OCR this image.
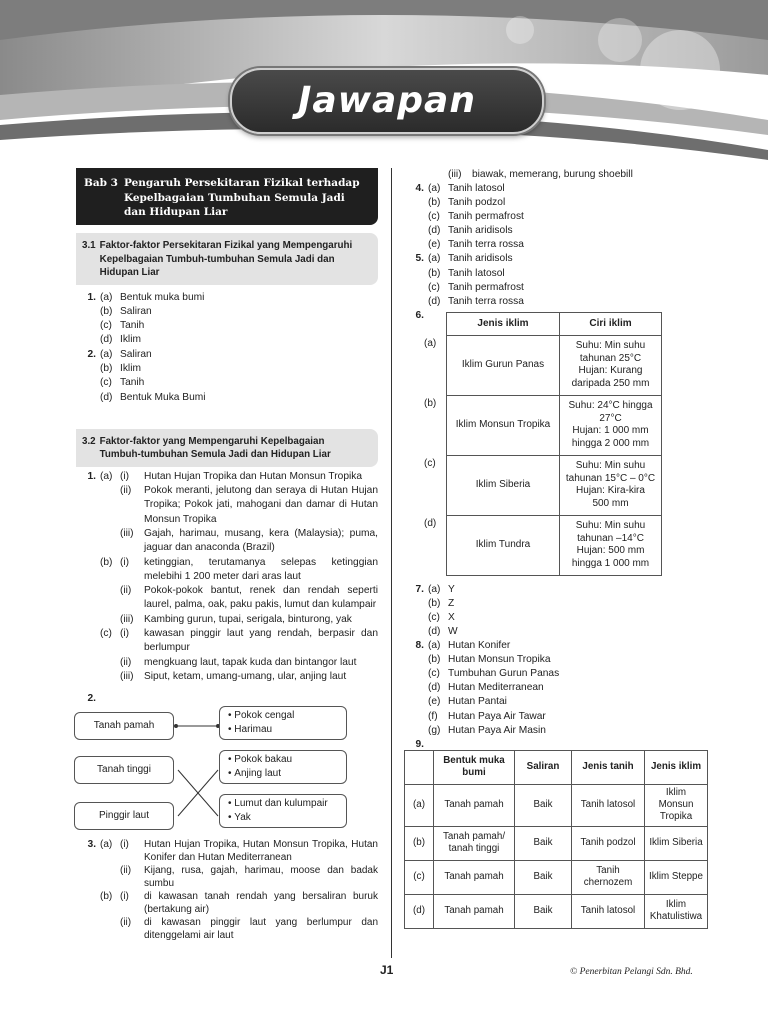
Jawapan
Bab 3 Pengaruh Persekitaran Fizikal terhadap Kepelbagaian Tumbuhan Semula Jadi dan Hidupan Liar
3.1 Faktor-faktor Persekitaran Fizikal yang Mempengaruhi Kepelbagaian Tumbuh-tumbuhan Semula Jadi dan Hidupan Liar
1. (a) Bentuk muka bumi
(b) Saliran
(c) Tanih
(d) Iklim
2. (a) Saliran
(b) Iklim
(c) Tanih
(d) Bentuk Muka Bumi
3.2 Faktor-faktor yang Mempengaruhi Kepelbagaian Tumbuh-tumbuhan Semula Jadi dan Hidupan Liar
1. (a) (i)	Hutan Hujan Tropika dan Hutan Monsun Tropika
(ii)	Pokok meranti, jelutong dan seraya di Hutan Hujan Tropika; Pokok jati, mahogani dan damar di Hutan Monsun Tropika
(iii)	Gajah, harimau, musang, kera (Malaysia); puma, jaguar dan anaconda (Brazil)
(b) (i)	ketinggian, terutamanya selepas ketinggian melebihi 1 200 meter dari aras laut
(ii)	Pokok-pokok bantut, renek dan rendah seperti laurel, palma, oak, paku pakis, lumut dan kulampair
(iii)	Kambing gurun, tupai, serigala, binturong, yak
(c) (i)	kawasan pinggir laut yang rendah, berpasir dan berlumpur
(ii)	mengkuang laut, tapak kuda dan bintangor laut
(iii)	Siput, ketam, umang-umang, ular, anjing laut
2.
Tanah pamah
Tanah tinggi
Pinggir laut
• Pokok cengal
• Harimau
• Pokok bakau
• Anjing laut
• Lumut dan kulumpair
• Yak
3. (a) (i)	Hutan Hujan Tropika, Hutan Monsun Tropika, Hutan Konifer dan Hutan Mediterranean
(ii)	Kijang, rusa, gajah, harimau, moose dan badak sumbu
(b) (i)	di kawasan tanah rendah yang bersaliran buruk (bertakung air)
(ii)	di kawasan pinggir laut yang berlumpur dan ditenggelami air laut
(iii)	biawak, memerang, burung shoebill
4. (a) Tanih latosol
(b) Tanih podzol
(c) Tanih permafrost
(d) Tanih aridisols
(e) Tanih terra rossa
5. (a) Tanih aridisols
(b) Tanih latosol
(c) Tanih permafrost
(d) Tanih terra rossa
6.
	Jenis iklim	Ciri iklim
(a)	Iklim Gurun Panas	Suhu: Min suhu
tahunan 25°C
Hujan: Kurang
daripada 250 mm

(b)	Iklim Monsun Tropika	Suhu: 24°C hingga
27°C
Hujan: 1 000 mm
hingga 2 000 mm

(c)	Iklim Siberia	Suhu: Min suhu
tahunan 15°C – 0°C
Hujan: Kira-kira
500 mm

(d)	Iklim Tundra	Suhu: Min suhu
tahunan –14°C
Hujan: 500 mm
hingga 1 000 mm
7. (a) Y
(b) Z
(c) X
(d) W
8. (a) Hutan Konifer
(b) Hutan Monsun Tropika
(c) Tumbuhan Gurun Panas
(d) Hutan Mediterranean
(e) Hutan Pantai
(f)	Hutan Paya Air Tawar
(g) Hutan Paya Air Masin
9.
	Bentuk muka bumi	Saliran	Jenis tanih	Jenis iklim
(a)	Tanah pamah	Baik	Tanih latosol	Iklim Monsun Tropika
(b)	Tanah pamah/ tanah tinggi	Baik	Tanih podzol	Iklim Siberia
(c)	Tanah pamah	Baik	Tanih chernozem	Iklim Steppe
(d)	Tanah pamah	Baik	Tanih latosol	Iklim Khatulistiwa
J1	© Penerbitan Pelangi Sdn. Bhd.
